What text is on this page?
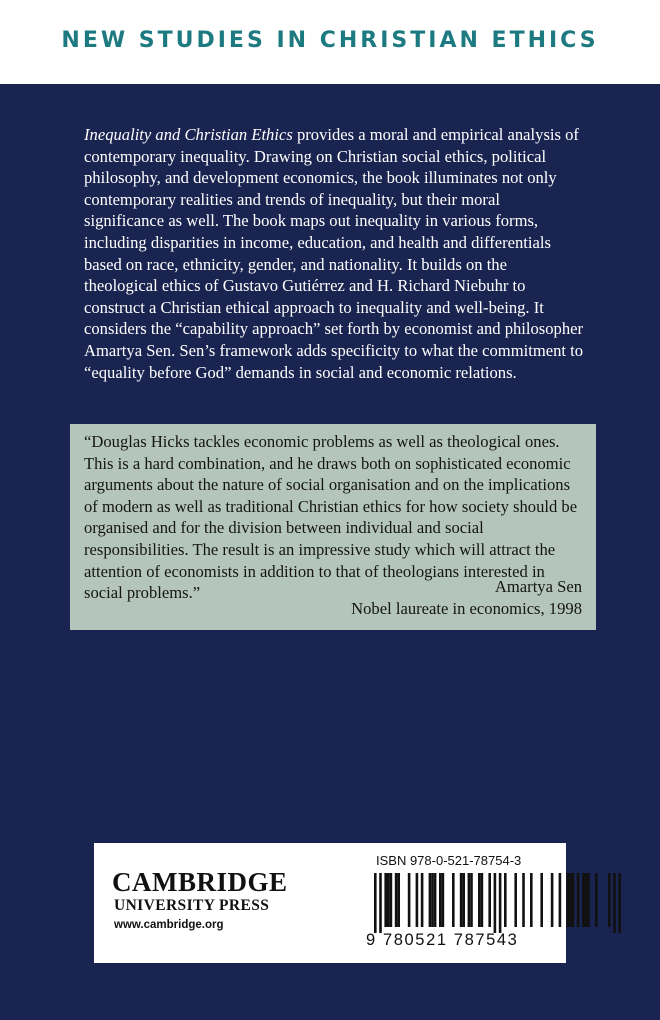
NEW STUDIES IN CHRISTIAN ETHICS
Inequality and Christian Ethics provides a moral and empirical analysis of contemporary inequality. Drawing on Christian social ethics, political philosophy, and development economics, the book illuminates not only contemporary realities and trends of inequality, but their moral significance as well. The book maps out inequality in various forms, including disparities in income, education, and health and differentials based on race, ethnicity, gender, and nationality. It builds on the theological ethics of Gustavo Gutiérrez and H. Richard Niebuhr to construct a Christian ethical approach to inequality and well-being. It considers the “capability approach” set forth by economist and philosopher Amartya Sen. Sen’s framework adds specificity to what the commitment to “equality before God” demands in social and economic relations.
“Douglas Hicks tackles economic problems as well as theological ones. This is a hard combination, and he draws both on sophisticated economic arguments about the nature of social organisation and on the implications of modern as well as traditional Christian ethics for how society should be organised and for the division between individual and social responsibilities. The result is an impressive study which will attract the attention of economists in addition to that of theologians interested in social problems.”	Amartya Sen
Nobel laureate in economics, 1998
CAMBRIDGE
UNIVERSITY PRESS
www.cambridge.org
ISBN 978-0-521-78754-3
9 780521 787543
